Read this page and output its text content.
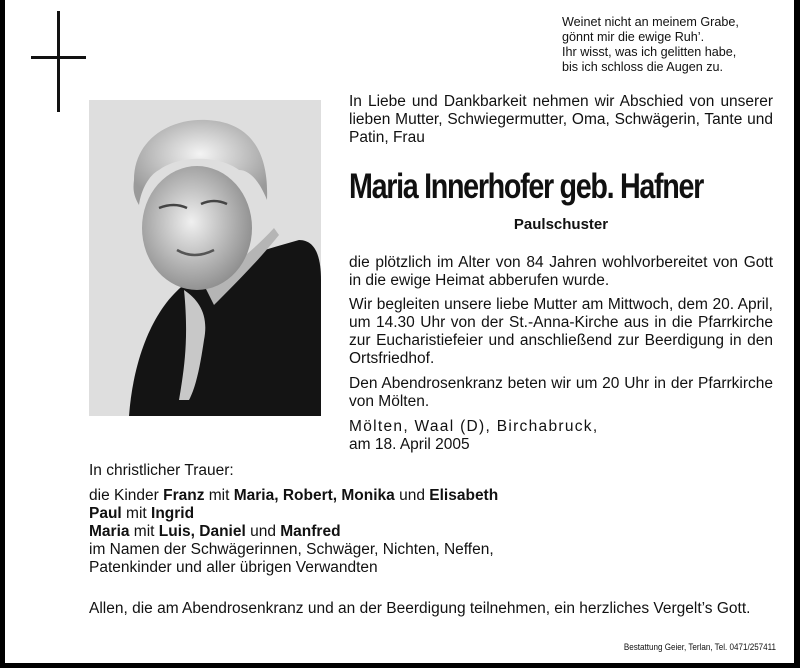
Weinet nicht an meinem Grabe,
gönnt mir die ewige Ruh’.
Ihr wisst, was ich gelitten habe,
bis ich schloss die Augen zu.
In Liebe und Dankbarkeit nehmen wir Abschied von unserer lieben Mutter, Schwiegermutter, Oma, Schwägerin, Tante und Patin, Frau
Maria Innerhofer geb. Hafner
Paulschuster
die plötzlich im Alter von 84 Jahren wohlvorbereitet von Gott in die ewige Heimat abberufen wurde.
Wir begleiten unsere liebe Mutter am Mittwoch, dem 20. April, um 14.30 Uhr von der St.-Anna-Kirche aus in die Pfarrkirche zur Eucharistiefeier und anschließend zur Beerdigung in den Ortsfriedhof.
Den Abendrosenkranz beten wir um 20 Uhr in der Pfarrkirche von Mölten.
Mölten, Waal (D), Birchabruck,
am 18. April 2005
In christlicher Trauer:
die Kinder Franz mit Maria, Robert, Monika und Elisabeth
Paul mit Ingrid
Maria mit Luis, Daniel und Manfred
im Namen der Schwägerinnen, Schwäger, Nichten, Neffen,
Patenkinder und aller übrigen Verwandten
Allen, die am Abendrosenkranz und an der Beerdigung teilnehmen, ein herzliches Vergelt’s Gott.
Bestattung Geier, Terlan, Tel. 0471/257411
